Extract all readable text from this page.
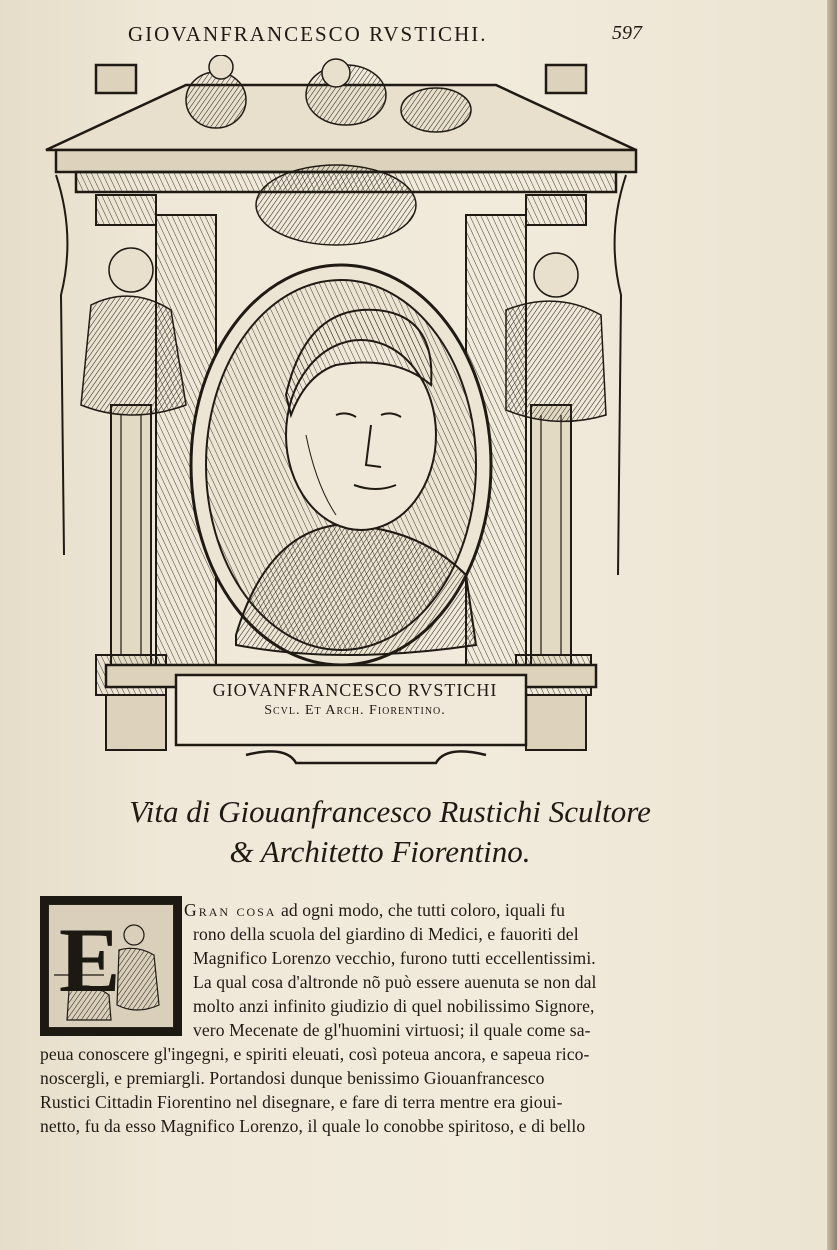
GIOVANFRANCESCO RVSTICHI.	597
GIOVANFRANCESCO RVSTICHI
Scvl. Et Arch. Fiorentino.
Vita di Giouanfrancesco Rustichi Scultore
& Architetto Fiorentino.
E	Gran cosa ad ogni modo, che tutti coloro, iquali fu
rono della scuola del giardino di Medici, e fauoriti del
Magnifico Lorenzo vecchio, furono tutti eccellentissimi.
La qual cosa d'altronde nõ può essere auenuta se non dal
molto anzi infinito giudizio di quel nobilissimo Signore,
vero Mecenate de gl'huomini virtuosi; il quale come sa-
peua conoscere gl'ingegni, e spiriti eleuati, così poteua ancora, e sapeua rico-
noscergli, e premiargli. Portandosi dunque benissimo Giouanfrancesco
Rustici Cittadin Fiorentino nel disegnare, e fare di terra mentre era gioui-
netto, fu da esso Magnifico Lorenzo, il quale lo conobbe spiritoso, e di bello
